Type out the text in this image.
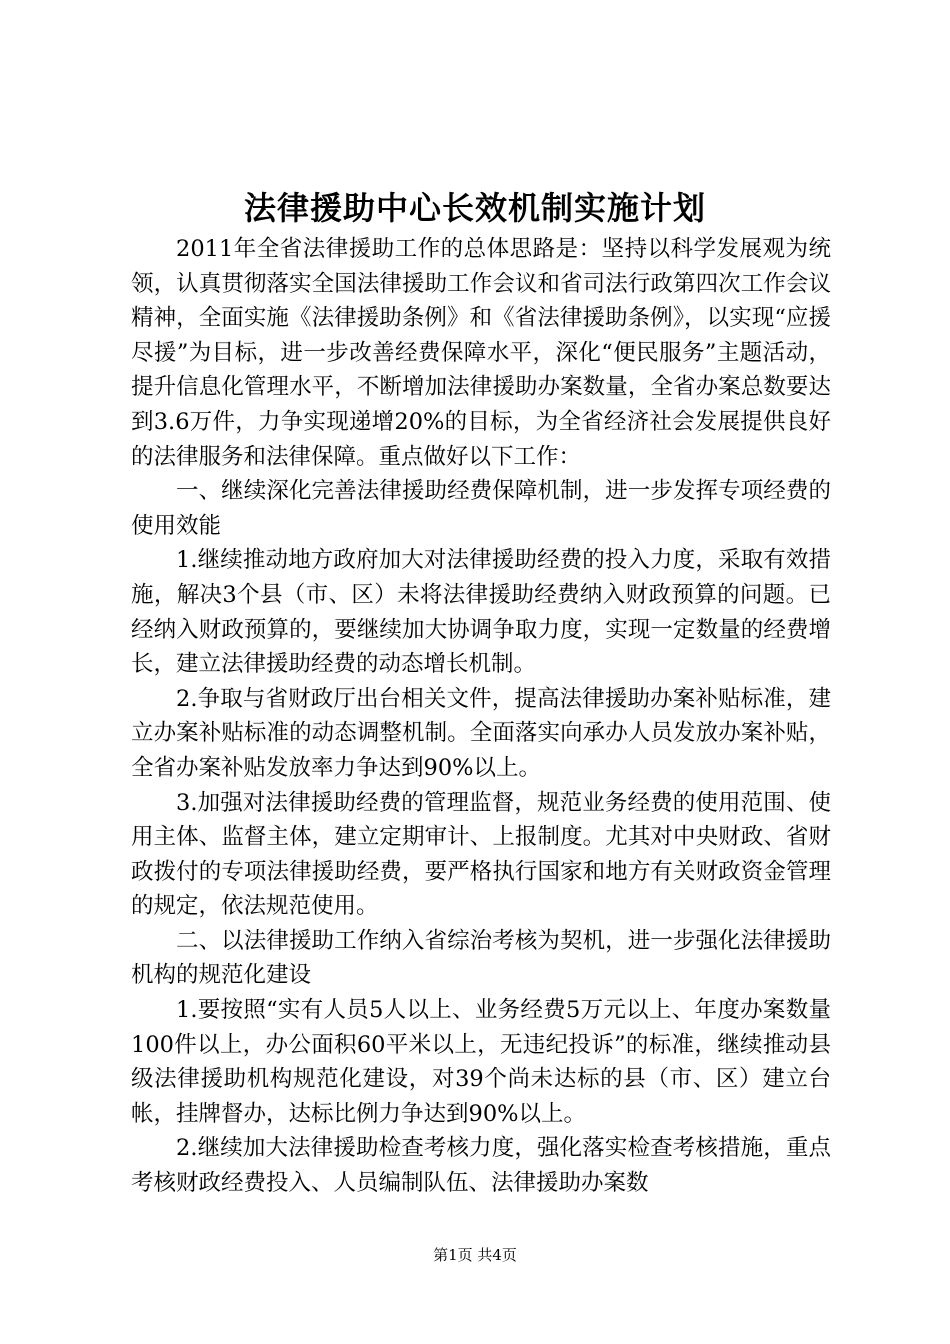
法律援助中心长效机制实施计划

2011年全省法律援助工作的总体思路是：坚持以科学发展观为统领，认真贯彻落实全国法律援助工作会议和省司法行政第四次工作会议精神，全面实施《法律援助条例》和《省法律援助条例》，以实现“应援尽援”为目标，进一步改善经费保障水平，深化“便民服务”主题活动，提升信息化管理水平，不断增加法律援助办案数量，全省办案总数要达到3.6万件，力争实现递增20%的目标，为全省经济社会发展提供良好的法律服务和法律保障。重点做好以下工作：

一、继续深化完善法律援助经费保障机制，进一步发挥专项经费的使用效能

1.继续推动地方政府加大对法律援助经费的投入力度，采取有效措施，解决3个县（市、区）未将法律援助经费纳入财政预算的问题。已经纳入财政预算的，要继续加大协调争取力度，实现一定数量的经费增长，建立法律援助经费的动态增长机制。

2.争取与省财政厅出台相关文件，提高法律援助办案补贴标准，建立办案补贴标准的动态调整机制。全面落实向承办人员发放办案补贴，全省办案补贴发放率力争达到90%以上。

3.加强对法律援助经费的管理监督，规范业务经费的使用范围、使用主体、监督主体，建立定期审计、上报制度。尤其对中央财政、省财政拨付的专项法律援助经费，要严格执行国家和地方有关财政资金管理的规定，依法规范使用。

二、以法律援助工作纳入省综治考核为契机，进一步强化法律援助机构的规范化建设

1.要按照“实有人员5人以上、业务经费5万元以上、年度办案数量100件以上，办公面积60平米以上，无违纪投诉”的标准，继续推动县级法律援助机构规范化建设，对39个尚未达标的县（市、区）建立台帐，挂牌督办，达标比例力争达到90%以上。

2.继续加大法律援助检查考核力度，强化落实检查考核措施，重点考核财政经费投入、人员编制队伍、法律援助办案数

第1页 共4页
